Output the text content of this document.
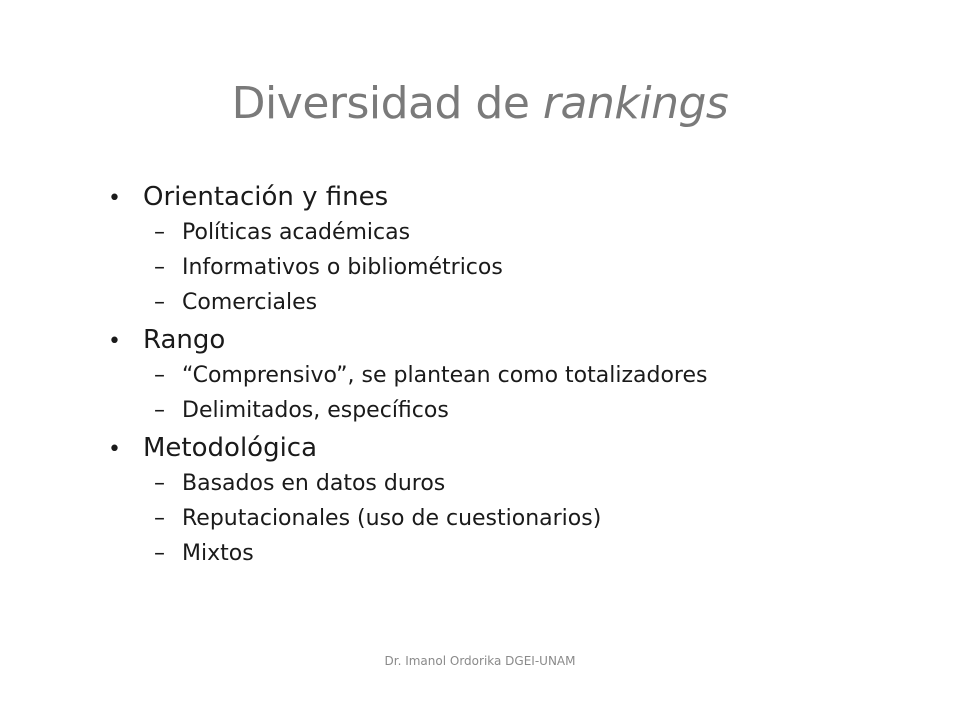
Diversidad de rankings
• Orientación y fines
– Políticas académicas
– Informativos o bibliométricos
– Comerciales
• Rango
– “Comprensivo”, se plantean como totalizadores
– Delimitados, específicos
• Metodológica
– Basados en datos duros
– Reputacionales (uso de cuestionarios)
– Mixtos
Dr. Imanol Ordorika DGEI-UNAM
